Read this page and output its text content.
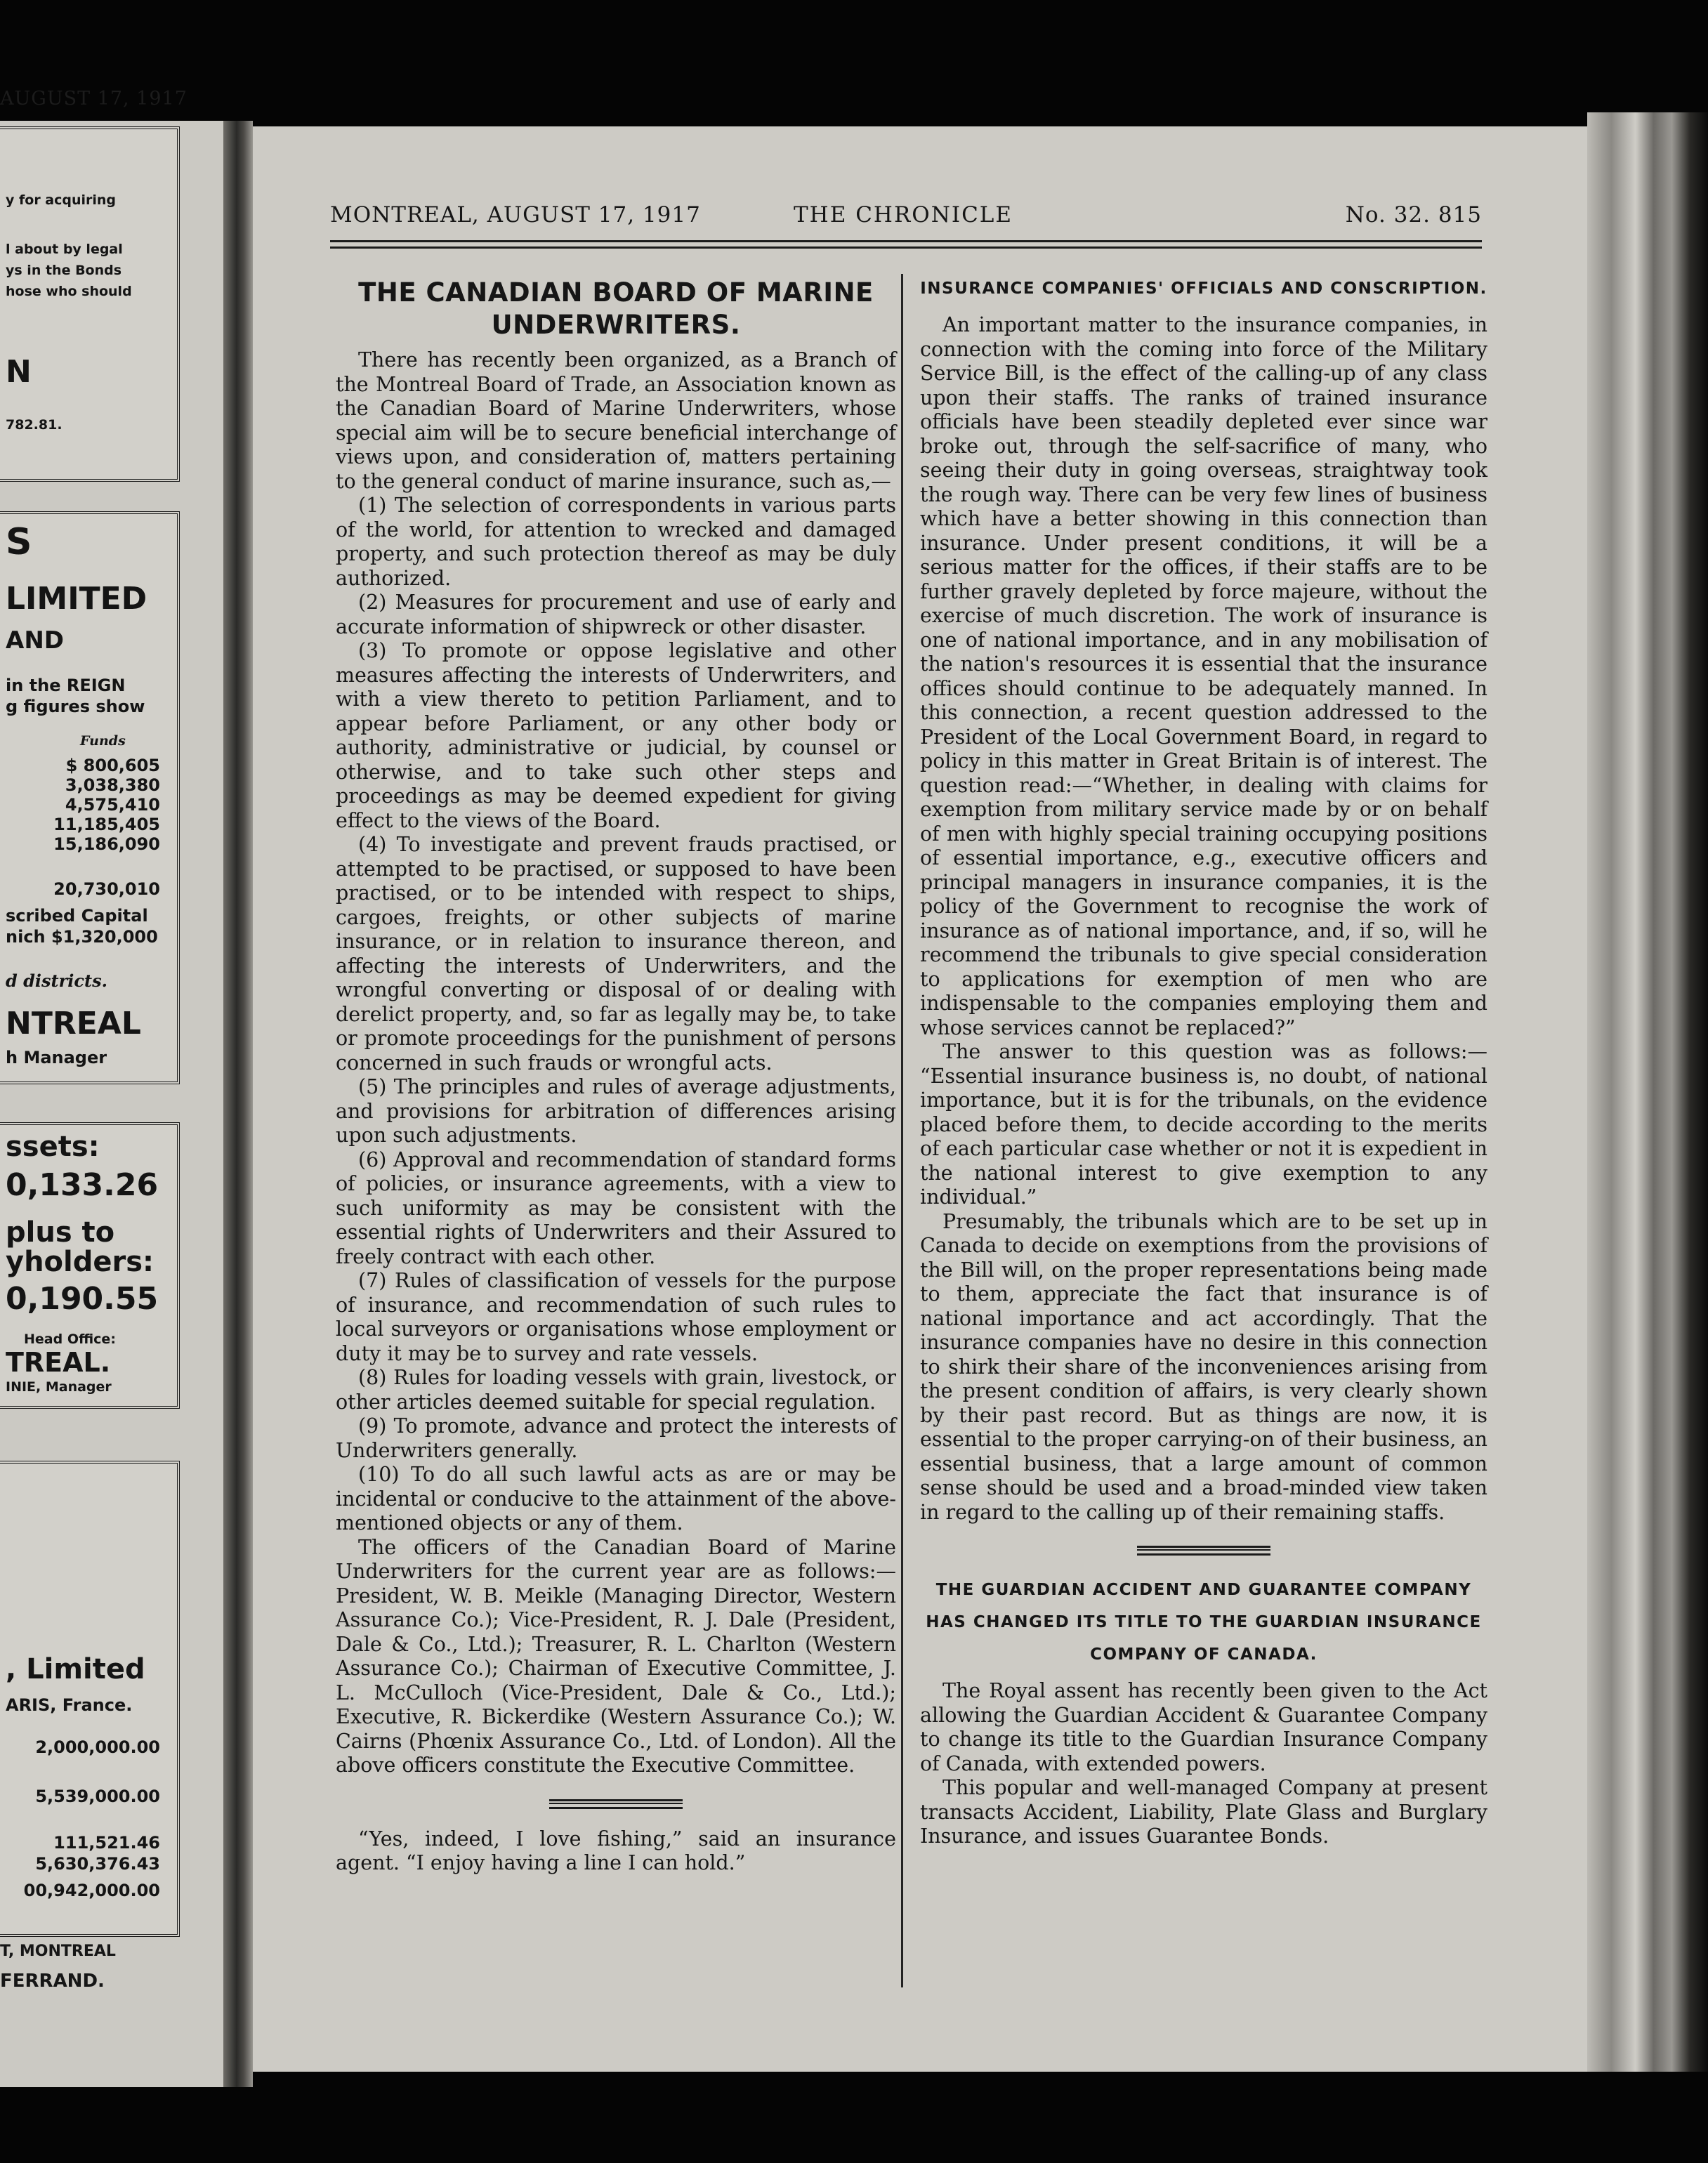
AUGUST 17, 1917
y for acquiring
l about by legal
ys in the Bonds
hose who should
N
782.81.
S
LIMITED
AND
in the REIGN
g figures show
Funds
$ 800,605
3,038,380
4,575,410
11,185,405
15,186,090
20,730,010
scribed Capital
nich $1,320,000
d districts.
NTREAL
h Manager
ssets:
0,133.26
plus to
yholders:
0,190.55
Head Office:
TREAL.
INIE, Manager
, Limited
ARIS, France.
2,000,000.00
5,539,000.00
111,521.46
5,630,376.43
00,942,000.00
T, MONTREAL
FERRAND.
MONTREAL, AUGUST 17, 1917	THE CHRONICLE	No. 32. 815
THE CANADIAN BOARD OF MARINE UNDERWRITERS.

There has recently been organized, as a Branch of the Montreal Board of Trade, an Association known as the Canadian Board of Marine Underwriters, whose special aim will be to secure beneficial interchange of views upon, and consideration of, matters pertaining to the general conduct of marine insurance, such as,—

(1) The selection of correspondents in various parts of the world, for attention to wrecked and damaged property, and such protection thereof as may be duly authorized.

(2) Measures for procurement and use of early and accurate information of shipwreck or other disaster.

(3) To promote or oppose legislative and other measures affecting the interests of Underwriters, and with a view thereto to petition Parliament, and to appear before Parliament, or any other body or authority, administrative or judicial, by counsel or otherwise, and to take such other steps and proceedings as may be deemed expedient for giving effect to the views of the Board.

(4) To investigate and prevent frauds practised, or attempted to be practised, or supposed to have been practised, or to be intended with respect to ships, cargoes, freights, or other subjects of marine insurance, or in relation to insurance thereon, and affecting the interests of Underwriters, and the wrongful converting or disposal of or dealing with derelict property, and, so far as legally may be, to take or promote proceedings for the punishment of persons concerned in such frauds or wrongful acts.

(5) The principles and rules of average adjustments, and provisions for arbitration of differences arising upon such adjustments.

(6) Approval and recommendation of standard forms of policies, or insurance agreements, with a view to such uniformity as may be consistent with the essential rights of Underwriters and their Assured to freely contract with each other.

(7) Rules of classification of vessels for the purpose of insurance, and recommendation of such rules to local surveyors or organisations whose employment or duty it may be to survey and rate vessels.

(8) Rules for loading vessels with grain, livestock, or other articles deemed suitable for special regulation.

(9) To promote, advance and protect the interests of Underwriters generally.

(10) To do all such lawful acts as are or may be incidental or conducive to the attainment of the above-mentioned objects or any of them.

The officers of the Canadian Board of Marine Underwriters for the current year are as follows:— President, W. B. Meikle (Managing Director, Western Assurance Co.); Vice-President, R. J. Dale (President, Dale & Co., Ltd.); Treasurer, R. L. Charlton (Western Assurance Co.); Chairman of Executive Committee, J. L. McCulloch (Vice-President, Dale & Co., Ltd.); Executive, R. Bickerdike (Western Assurance Co.); W. Cairns (Phœnix Assurance Co., Ltd. of London). All the above officers constitute the Executive Committee.

“Yes, indeed, I love fishing,” said an insurance agent. “I enjoy having a line I can hold.”

INSURANCE COMPANIES' OFFICIALS AND CONSCRIPTION.

An important matter to the insurance companies, in connection with the coming into force of the Military Service Bill, is the effect of the calling-up of any class upon their staffs. The ranks of trained insurance officials have been steadily depleted ever since war broke out, through the self-sacrifice of many, who seeing their duty in going overseas, straightway took the rough way. There can be very few lines of business which have a better showing in this connection than insurance. Under present conditions, it will be a serious matter for the offices, if their staffs are to be further gravely depleted by force majeure, without the exercise of much discretion. The work of insurance is one of national importance, and in any mobilisation of the nation's resources it is essential that the insurance offices should continue to be adequately manned. In this connection, a recent question addressed to the President of the Local Government Board, in regard to policy in this matter in Great Britain is of interest. The question read:—“Whether, in dealing with claims for exemption from military service made by or on behalf of men with highly special training occupying positions of essential importance, e.g., executive officers and principal managers in insurance companies, it is the policy of the Government to recognise the work of insurance as of national importance, and, if so, will he recommend the tribunals to give special consideration to applications for exemption of men who are indispensable to the companies employing them and whose services cannot be replaced?”

The answer to this question was as follows:— “Essential insurance business is, no doubt, of national importance, but it is for the tribunals, on the evidence placed before them, to decide according to the merits of each particular case whether or not it is expedient in the national interest to give exemption to any individual.”

Presumably, the tribunals which are to be set up in Canada to decide on exemptions from the provisions of the Bill will, on the proper representations being made to them, appreciate the fact that insurance is of national importance and act accordingly. That the insurance companies have no desire in this connection to shirk their share of the inconveniences arising from the present condition of affairs, is very clearly shown by their past record. But as things are now, it is essential to the proper carrying-on of their business, an essential business, that a large amount of common sense should be used and a broad-minded view taken in regard to the calling up of their remaining staffs.

THE GUARDIAN ACCIDENT AND GUARANTEE COMPANY HAS CHANGED ITS TITLE TO THE GUARDIAN INSURANCE COMPANY OF CANADA.

The Royal assent has recently been given to the Act allowing the Guardian Accident & Guarantee Company to change its title to the Guardian Insurance Company of Canada, with extended powers.

This popular and well-managed Company at present transacts Accident, Liability, Plate Glass and Burglary Insurance, and issues Guarantee Bonds.
